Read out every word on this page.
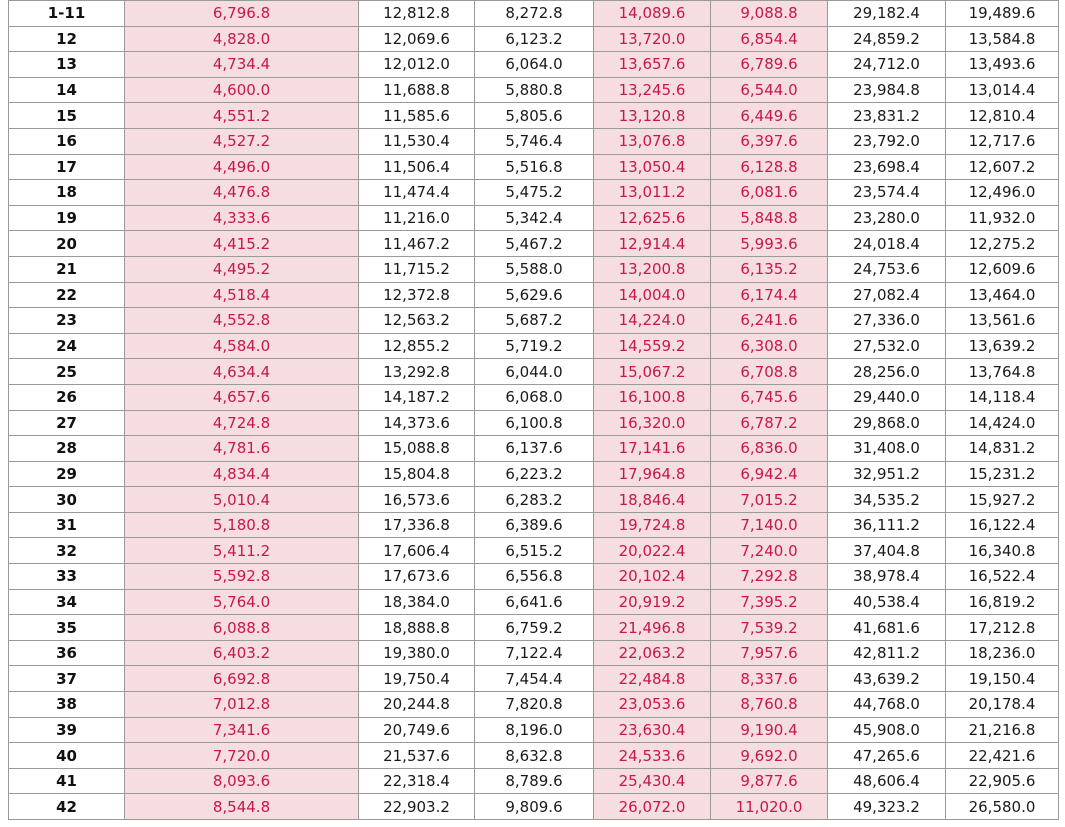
1-11	6,796.8	12,812.8	8,272.8	14,089.6	9,088.8	29,182.4	19,489.6
12	4,828.0	12,069.6	6,123.2	13,720.0	6,854.4	24,859.2	13,584.8
13	4,734.4	12,012.0	6,064.0	13,657.6	6,789.6	24,712.0	13,493.6
14	4,600.0	11,688.8	5,880.8	13,245.6	6,544.0	23,984.8	13,014.4
15	4,551.2	11,585.6	5,805.6	13,120.8	6,449.6	23,831.2	12,810.4
16	4,527.2	11,530.4	5,746.4	13,076.8	6,397.6	23,792.0	12,717.6
17	4,496.0	11,506.4	5,516.8	13,050.4	6,128.8	23,698.4	12,607.2
18	4,476.8	11,474.4	5,475.2	13,011.2	6,081.6	23,574.4	12,496.0
19	4,333.6	11,216.0	5,342.4	12,625.6	5,848.8	23,280.0	11,932.0
20	4,415.2	11,467.2	5,467.2	12,914.4	5,993.6	24,018.4	12,275.2
21	4,495.2	11,715.2	5,588.0	13,200.8	6,135.2	24,753.6	12,609.6
22	4,518.4	12,372.8	5,629.6	14,004.0	6,174.4	27,082.4	13,464.0
23	4,552.8	12,563.2	5,687.2	14,224.0	6,241.6	27,336.0	13,561.6
24	4,584.0	12,855.2	5,719.2	14,559.2	6,308.0	27,532.0	13,639.2
25	4,634.4	13,292.8	6,044.0	15,067.2	6,708.8	28,256.0	13,764.8
26	4,657.6	14,187.2	6,068.0	16,100.8	6,745.6	29,440.0	14,118.4
27	4,724.8	14,373.6	6,100.8	16,320.0	6,787.2	29,868.0	14,424.0
28	4,781.6	15,088.8	6,137.6	17,141.6	6,836.0	31,408.0	14,831.2
29	4,834.4	15,804.8	6,223.2	17,964.8	6,942.4	32,951.2	15,231.2
30	5,010.4	16,573.6	6,283.2	18,846.4	7,015.2	34,535.2	15,927.2
31	5,180.8	17,336.8	6,389.6	19,724.8	7,140.0	36,111.2	16,122.4
32	5,411.2	17,606.4	6,515.2	20,022.4	7,240.0	37,404.8	16,340.8
33	5,592.8	17,673.6	6,556.8	20,102.4	7,292.8	38,978.4	16,522.4
34	5,764.0	18,384.0	6,641.6	20,919.2	7,395.2	40,538.4	16,819.2
35	6,088.8	18,888.8	6,759.2	21,496.8	7,539.2	41,681.6	17,212.8
36	6,403.2	19,380.0	7,122.4	22,063.2	7,957.6	42,811.2	18,236.0
37	6,692.8	19,750.4	7,454.4	22,484.8	8,337.6	43,639.2	19,150.4
38	7,012.8	20,244.8	7,820.8	23,053.6	8,760.8	44,768.0	20,178.4
39	7,341.6	20,749.6	8,196.0	23,630.4	9,190.4	45,908.0	21,216.8
40	7,720.0	21,537.6	8,632.8	24,533.6	9,692.0	47,265.6	22,421.6
41	8,093.6	22,318.4	8,789.6	25,430.4	9,877.6	48,606.4	22,905.6
42	8,544.8	22,903.2	9,809.6	26,072.0	11,020.0	49,323.2	26,580.0
